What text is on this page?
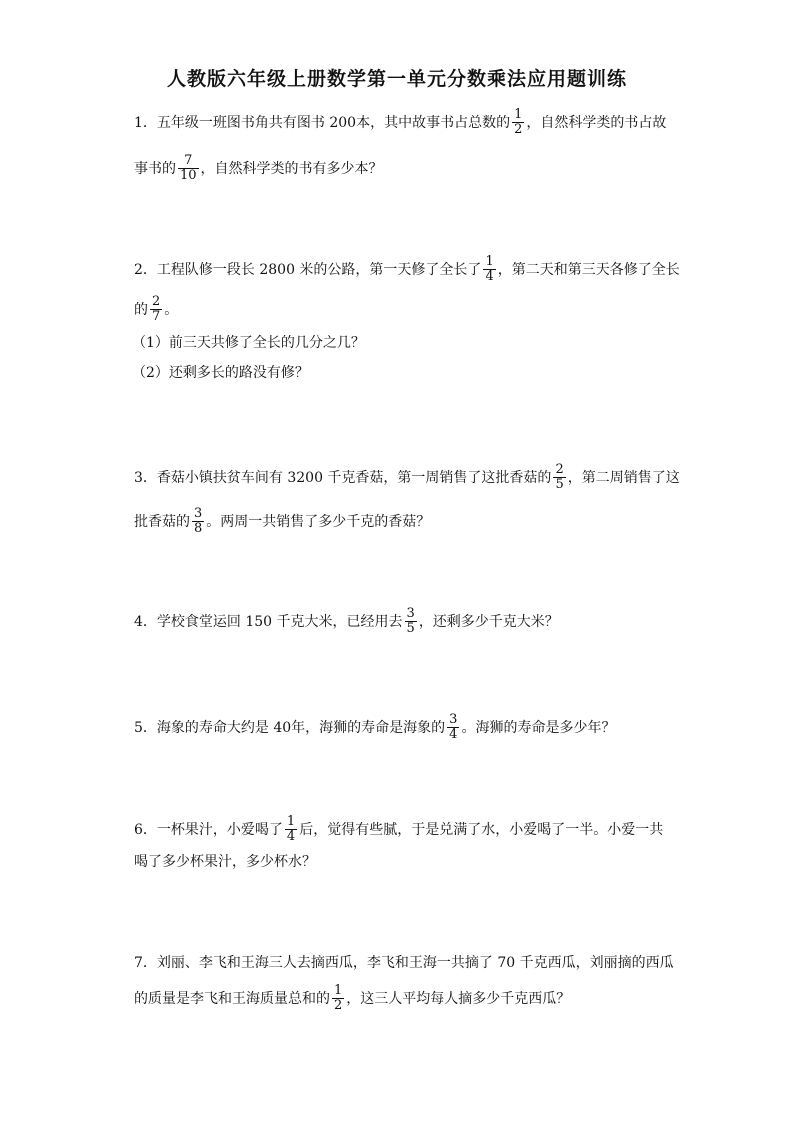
人教版六年级上册数学第一单元分数乘法应用题训练
1．五年级一班图书角共有图书 200本，其中故事书占总数的 $\frac{1}{2}$ ，自然科学类的书占故
事书的 $\frac{7}{10}$ ，自然科学类的书有多少本？
2．工程队修一段长 2800 米的公路，第一天修了全长了 $\frac{1}{4}$ ，第二天和第三天各修了全长
的 $\frac{2}{7}$ 。
（1）前三天共修了全长的几分之几？
（2）还剩多长的路没有修？
3．香菇小镇扶贫车间有 3200 千克香菇，第一周销售了这批香菇的 $\frac{2}{5}$ ，第二周销售了这
批香菇的 $\frac{3}{8}$ 。两周一共销售了多少千克的香菇？
4．学校食堂运回 150 千克大米，已经用去 $\frac{3}{5}$ ，还剩多少千克大米？
5．海象的寿命大约是 40年，海狮的寿命是海象的 $\frac{3}{4}$ 。海狮的寿命是多少年？
6．一杯果汁，小爱喝了 $\frac{1}{4}$ 后，觉得有些腻，于是兑满了水，小爱喝了一半。小爱一共
喝了多少杯果汁，多少杯水？
7．刘丽、李飞和王海三人去摘西瓜，李飞和王海一共摘了 70 千克西瓜，刘丽摘的西瓜
的质量是李飞和王海质量总和的 $\frac{1}{2}$ ，这三人平均每人摘多少千克西瓜？
